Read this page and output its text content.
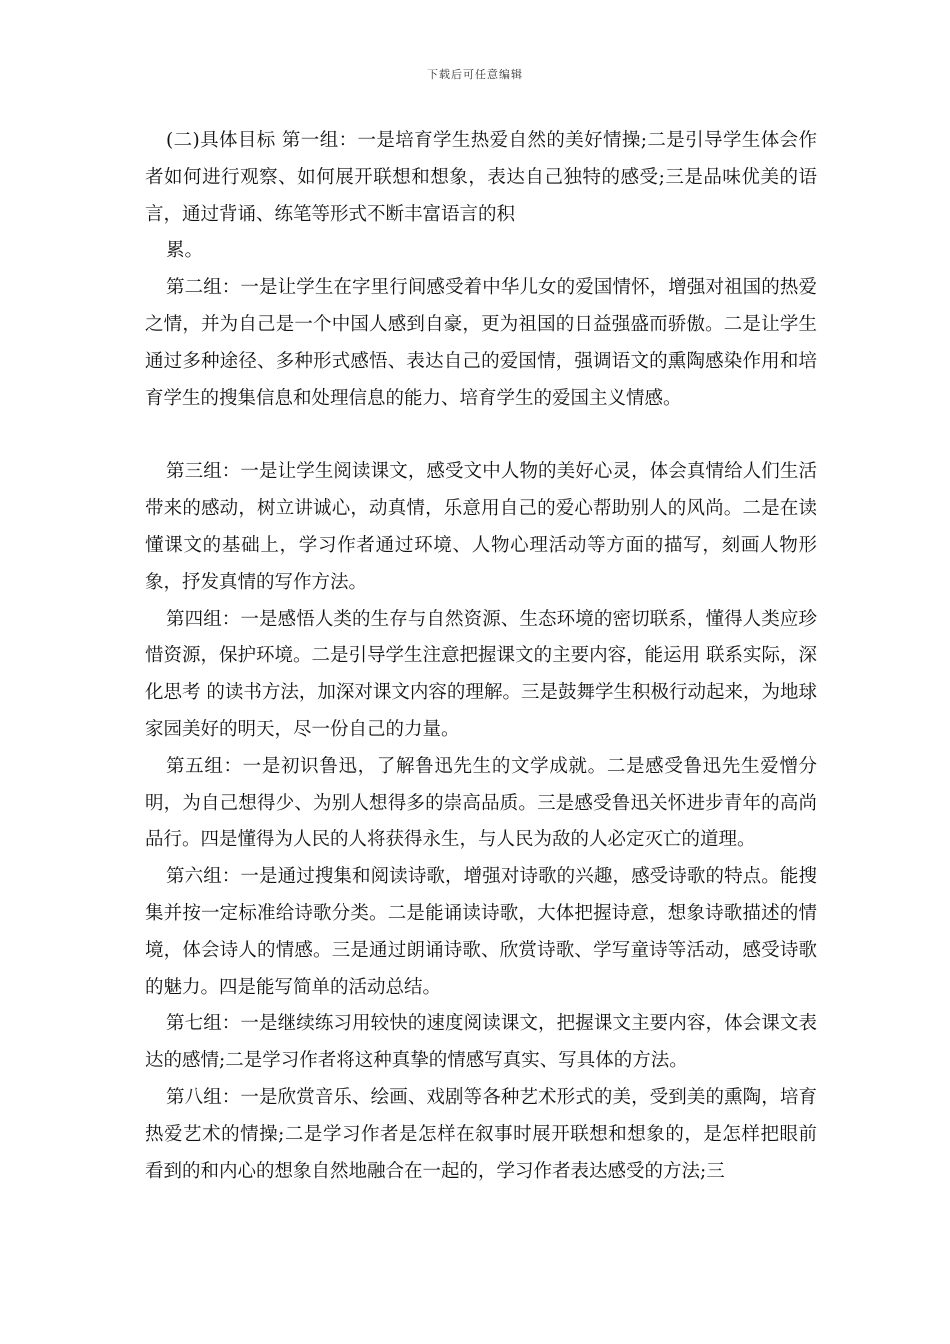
下载后可任意编辑

(二)具体目标 第一组：一是培育学生热爱自然的美好情操;二是引导学生体会作者如何进行观察、如何展开联想和想象，表达自己独特的感受;三是品味优美的语言，通过背诵、练笔等形式不断丰富语言的积

累。

第二组：一是让学生在字里行间感受着中华儿女的爱国情怀，增强对祖国的热爱之情，并为自己是一个中国人感到自豪，更为祖国的日益强盛而骄傲。二是让学生通过多种途径、多种形式感悟、表达自己的爱国情，强调语文的熏陶感染作用和培育学生的搜集信息和处理信息的能力、培育学生的爱国主义情感。

第三组：一是让学生阅读课文，感受文中人物的美好心灵，体会真情给人们生活带来的感动，树立讲诚心，动真情，乐意用自己的爱心帮助别人的风尚。二是在读懂课文的基础上，学习作者通过环境、人物心理活动等方面的描写，刻画人物形象，抒发真情的写作方法。

第四组：一是感悟人类的生存与自然资源、生态环境的密切联系，懂得人类应珍惜资源，保护环境。二是引导学生注意把握课文的主要内容，能运用 联系实际，深化思考 的读书方法，加深对课文内容的理解。三是鼓舞学生积极行动起来，为地球家园美好的明天，尽一份自己的力量。

第五组：一是初识鲁迅，了解鲁迅先生的文学成就。二是感受鲁迅先生爱憎分明，为自己想得少、为别人想得多的崇高品质。三是感受鲁迅关怀进步青年的高尚品行。四是懂得为人民的人将获得永生，与人民为敌的人必定灭亡的道理。

第六组：一是通过搜集和阅读诗歌，增强对诗歌的兴趣，感受诗歌的特点。能搜集并按一定标准给诗歌分类。二是能诵读诗歌，大体把握诗意，想象诗歌描述的情境，体会诗人的情感。三是通过朗诵诗歌、欣赏诗歌、学写童诗等活动，感受诗歌的魅力。四是能写简单的活动总结。

第七组：一是继续练习用较快的速度阅读课文，把握课文主要内容，体会课文表达的感情;二是学习作者将这种真挚的情感写真实、写具体的方法。

第八组：一是欣赏音乐、绘画、戏剧等各种艺术形式的美，受到美的熏陶，培育热爱艺术的情操;二是学习作者是怎样在叙事时展开联想和想象的，是怎样把眼前看到的和内心的想象自然地融合在一起的，学习作者表达感受的方法;三
